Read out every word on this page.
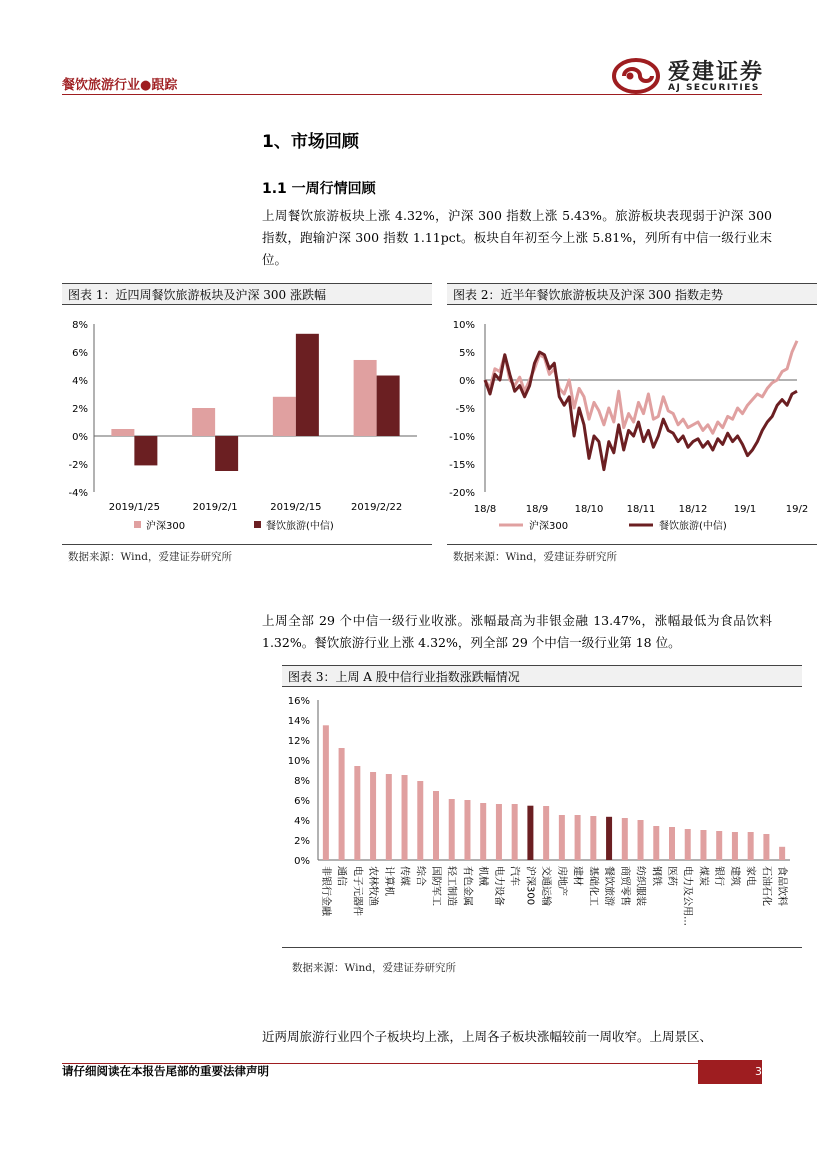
餐饮旅游行业●跟踪
爱建证券
AJ SECURITIES
1、市场回顾
1.1 一周行情回顾
上周餐饮旅游板块上涨 4.32%，沪深 300 指数上涨 5.43%。旅游板块表现弱于沪深 300 指数，跑输沪深 300 指数 1.11pct。板块自年初至今上涨 5.81%，列所有中信一级行业末位。
图表 1：近四周餐饮旅游板块及沪深 300 涨跌幅
-4%
-2%
0%
2%
4%
6%
8%
2019/1/25	2019/2/1	2019/2/15	2019/2/22
沪深300	餐饮旅游(中信)
数据来源：Wind，爱建证券研究所
图表 2：近半年餐饮旅游板块及沪深 300 指数走势
-20%
-15%
-10%
-5%
0%
5%
10%
18/8	18/9	18/10 18/11 18/12	19/1	19/2
沪深300	餐饮旅游(中信)
数据来源：Wind，爱建证券研究所
上周全部 29 个中信一级行业收涨。涨幅最高为非银金融 13.47%，涨幅最低为食品饮料 1.32%。餐饮旅游行业上涨 4.32%，列全部 29 个中信一级行业第 18 位。
图表 3：上周 A 股中信行业指数涨跌幅情况
0%
2%
4%
6%
8%
10%
12%
14%
16%
非银行金融 通信 电子元器件 农林牧渔 计算机 传媒 综合 国防军工 轻工制造 有色金属 机械 电力设备 汽车 沪深300 交通运输 房地产 建材 基础化工 餐饮旅游 商贸零售 纺织服装 钢铁 医药 电力及公用… 煤炭 银行 建筑 家电 石油石化 食品饮料
数据来源：Wind，爱建证券研究所
近两周旅游行业四个子板块均上涨，上周各子板块涨幅较前一周收窄。上周景区、
请仔细阅读在本报告尾部的重要法律声明	3
